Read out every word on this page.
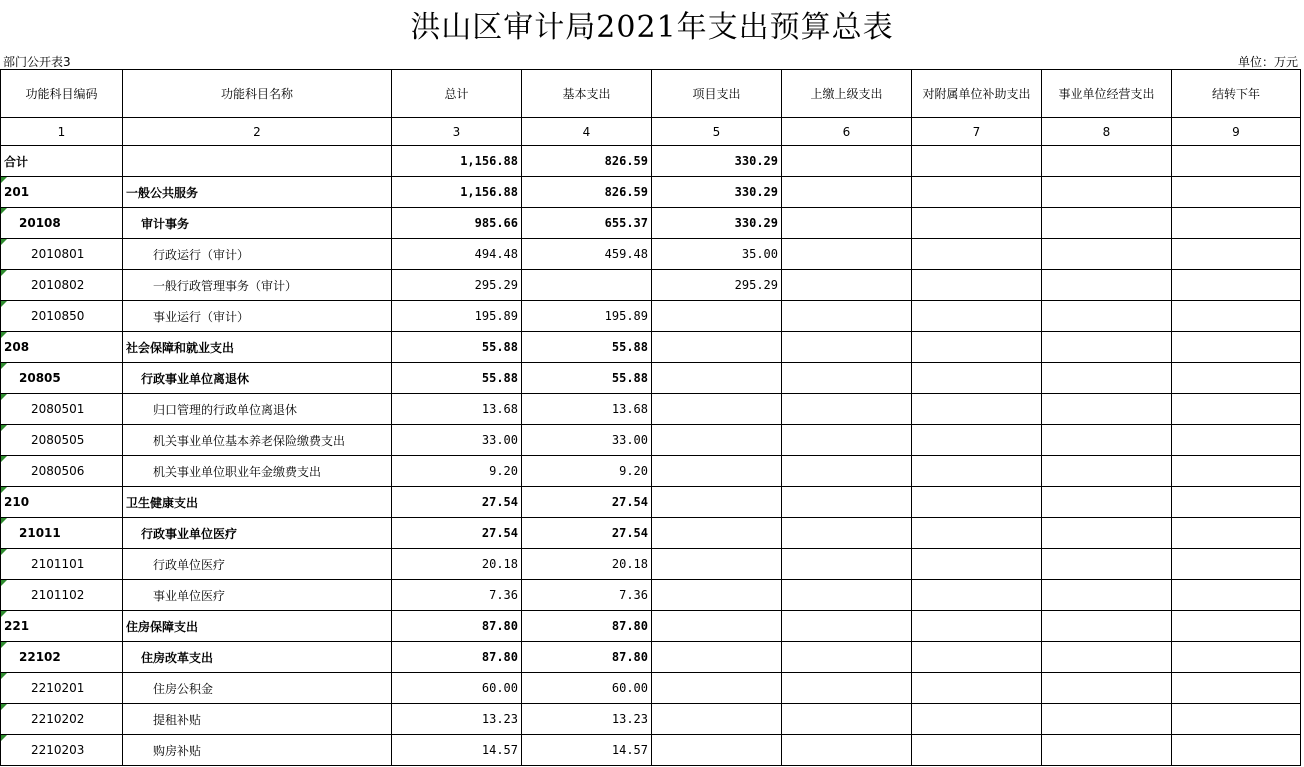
洪山区审计局2021年支出预算总表
部门公开表3	单位：万元
功能科目编码	功能科目名称	总计	基本支出	项目支出	上缴上级支出	对附属单位补助支出	事业单位经营支出	结转下年
1	2	3	4	5	6	7	8	9
合计		1,156.88	826.59	330.29				

201	一般公共服务	1,156.88	826.59	330.29				

20108	审计事务	985.66	655.37	330.29				

2010801	行政运行（审计）	494.48	459.48	35.00				

2010802	一般行政管理事务（审计）	295.29		295.29				

2010850	事业运行（审计）	195.89	195.89					

208	社会保障和就业支出	55.88	55.88					

20805	行政事业单位离退休	55.88	55.88					

2080501	归口管理的行政单位离退休	13.68	13.68					

2080505	机关事业单位基本养老保险缴费支出	33.00	33.00					

2080506	机关事业单位职业年金缴费支出	9.20	9.20					

210	卫生健康支出	27.54	27.54					

21011	行政事业单位医疗	27.54	27.54					

2101101	行政单位医疗	20.18	20.18					

2101102	事业单位医疗	7.36	7.36					

221	住房保障支出	87.80	87.80					

22102	住房改革支出	87.80	87.80					

2210201	住房公积金	60.00	60.00					

2210202	提租补贴	13.23	13.23					

2210203	购房补贴	14.57	14.57					
